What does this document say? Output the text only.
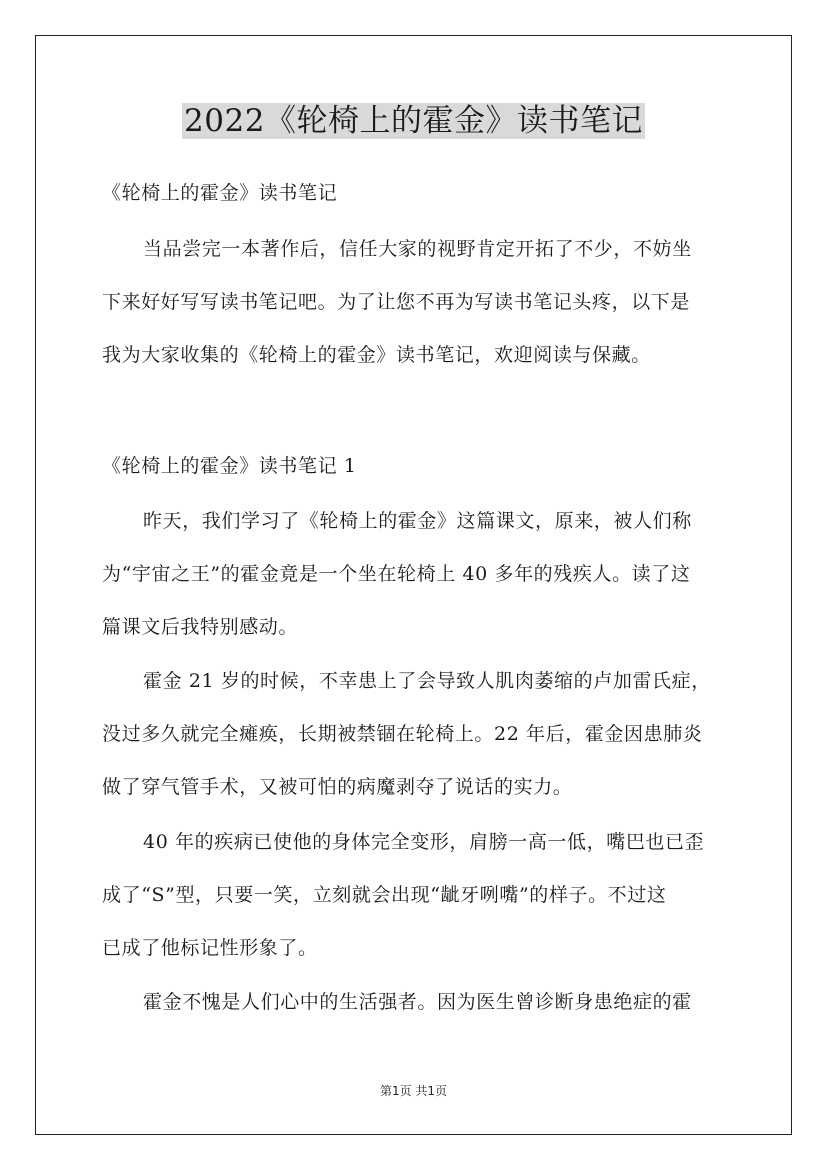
2022《轮椅上的霍金》读书笔记
《轮椅上的霍金》读书笔记
当品尝完一本著作后，信任大家的视野肯定开拓了不少，不妨坐
下来好好写写读书笔记吧。为了让您不再为写读书笔记头疼，以下是
我为大家收集的《轮椅上的霍金》读书笔记，欢迎阅读与保藏。
《轮椅上的霍金》读书笔记 1
昨天，我们学习了《轮椅上的霍金》这篇课文，原来，被人们称
为“宇宙之王”的霍金竟是一个坐在轮椅上 40 多年的残疾人。读了这
篇课文后我特别感动。
霍金 21 岁的时候，不幸患上了会导致人肌肉萎缩的卢加雷氏症，
没过多久就完全瘫痪，长期被禁锢在轮椅上。22 年后，霍金因患肺炎
做了穿气管手术，又被可怕的病魔剥夺了说话的实力。
40 年的疾病已使他的身体完全变形，肩膀一高一低，嘴巴也已歪
成了“S”型，只要一笑，立刻就会出现“龇牙咧嘴”的样子。不过这
已成了他标记性形象了。
霍金不愧是人们心中的生活强者。因为医生曾诊断身患绝症的霍
第1页 共1页
